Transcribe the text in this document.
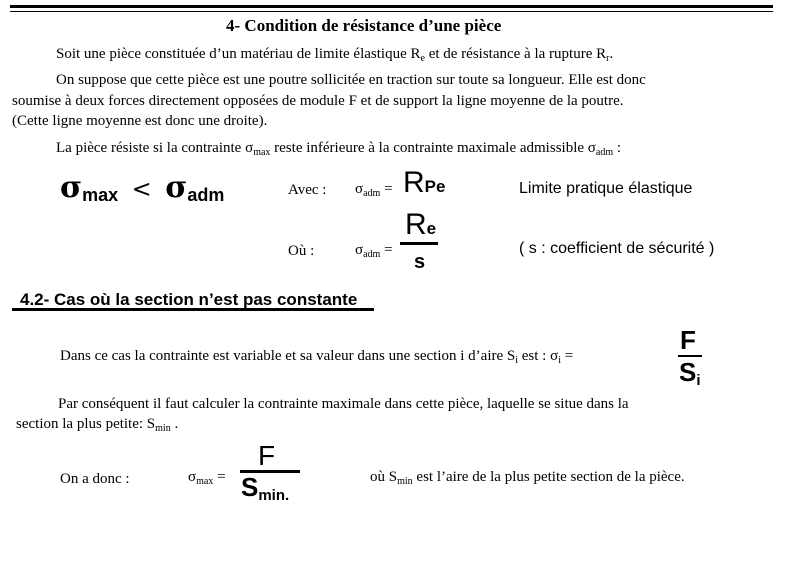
4- Condition de résistance d’une pièce
Soit une pièce constituée d’un matériau de limite élastique $R_e$ et de résistance à la rupture $R_r$.
On suppose que cette pièce est une poutre sollicitée en traction sur toute sa longueur. Elle est donc
soumise à deux forces directement opposées de module F et de support la ligne moyenne de la poutre.
(Cette ligne moyenne est donc une droite).
La pièce résiste si la contrainte $\sigma_{max}$ reste inférieure à la contrainte maximale admissible $\sigma_{adm}$ :
σmax < σadm	Avec : $\sigma_{adm}$ = RPe	Limite pratique élastique
Où :	$\sigma_{adm}$ =
Re
s
( s : coefficient de sécurité )
4.2- Cas où la section n’est pas constante
Dans ce cas la contrainte est variable et sa valeur dans une section i d’aire $S_i$ est : $\sigma_i$ =
F
Si
Par conséquent il faut calculer la contrainte maximale dans cette pièce, laquelle se situe dans la
section la plus petite: $S_{min}$ .
On a donc :	$\sigma_{max}$ =
F
Smin.
où $S_{min}$ est l’aire de la plus petite section de la pièce.
